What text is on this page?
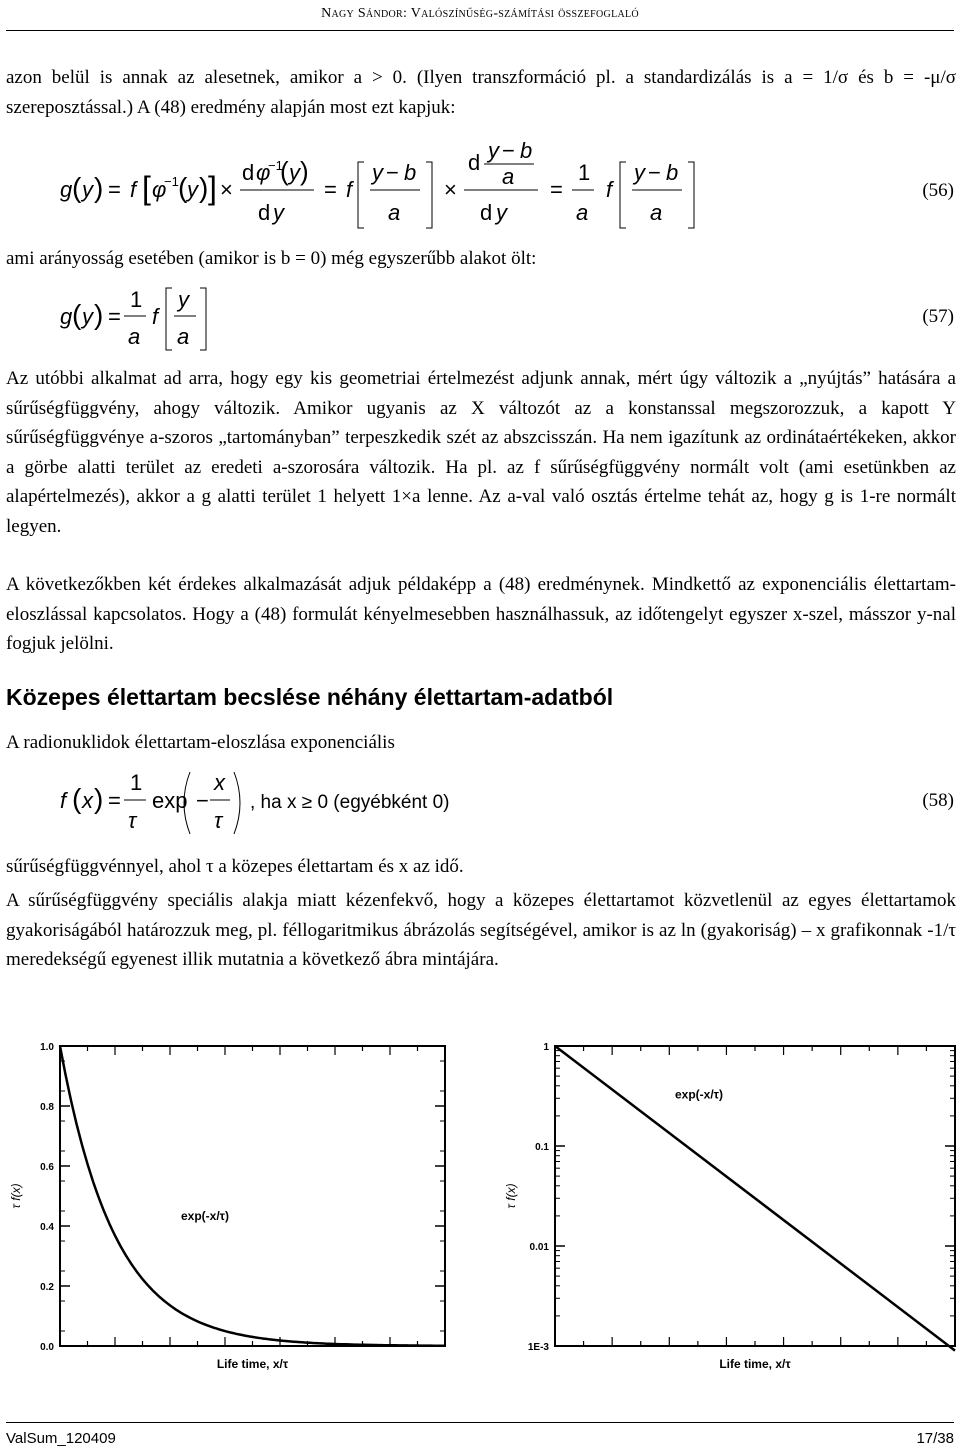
Nagy Sándor: Valószínűség-számítási összefoglaló

azon belül is annak az alesetnek, amikor a > 0. (Ilyen transzformáció pl. a standardizálás is a = 1/σ és b = -μ/σ szereposztással.) A (48) eredmény alapján most ezt kapjuk:

g ( y ) = f [ φ
−1 ( y ) ] ×
d φ
−1
( y )
d y
= f
y − b
a
×
d y − b
a
d y
=
1
a
f
y − b
a
(56)

ami arányosság esetében (amikor is b = 0) még egyszerűbb alakot ölt:

g ( y ) =
1
a
f
y
a
(57)

Az utóbbi alkalmat ad arra, hogy egy kis geometriai értelmezést adjunk annak, mért úgy változik a „nyújtás” hatására a sűrűségfüggvény, ahogy változik. Amikor ugyanis az X változót az a konstanssal megszorozzuk, a kapott Y sűrűségfüggvénye a-szoros „tartományban” terpeszkedik szét az abszcisszán. Ha nem igazítunk az ordinátaértékeken, akkor a görbe alatti terület az eredeti a-szorosára változik. Ha pl. az f sűrűségfüggvény normált volt (ami esetünkben az alapértelmezés), akkor a g alatti terület 1 helyett 1×a lenne. Az a-val való osztás értelme tehát az, hogy g is 1-re normált legyen.

A következőkben két érdekes alkalmazását adjuk példaképp a (48) eredménynek. Mindkettő az exponenciális élettartam-eloszlással kapcsolatos. Hogy a (48) formulát kényelmesebben használhassuk, az időtengelyt egyszer x-szel, másszor y-nal fogjuk jelölni.

Közepes élettartam becslése néhány élettartam-adatból

A radionuklidok élettartam-eloszlása exponenciális

f ( x ) =
1
τ
exp −
x
τ
, ha x ≥ 0 (egyébként 0)	(58)

sűrűségfüggvénnyel, ahol τ a közepes élettartam és x az idő.

A sűrűségfüggvény speciális alakja miatt kézenfekvő, hogy a közepes élettartamot közvetlenül az egyes élettartamok gyakoriságából határozzuk meg, pl. féllogaritmikus ábrázolás segítségével, amikor is az ln (gyakoriság) – x grafikonnak -1/τ meredekségű egyenest illik mutatnia a következő ábra mintájára.

0.0
0.2
0.4
0.6
0.8
1.0
exp(-x/τ)
Life time, x/τ
τ f(x)
1
0.1
0.01
1E-3
exp(-x/τ)
Life time, x/τ
τ f(x)
ValSum_120409	17/38
